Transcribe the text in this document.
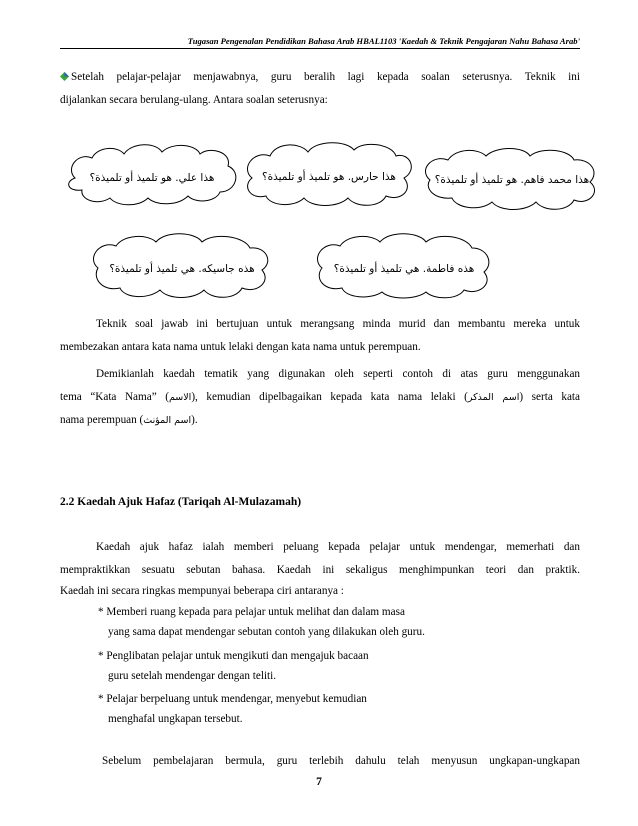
Tugasan Pengenalan Pendidikan Bahasa Arab HBAL1103 'Kaedah & Teknik Pengajaran Nahu Bahasa Arab'
Setelah pelajar-pelajar menjawabnya, guru beralih lagi kepada soalan seterusnya. Teknik ini
dijalankan secara berulang-ulang. Antara soalan seterusnya:
هذا علي. هو تلميذ أو تلميذة؟	هذا حارس. هو تلميذ أو تلميذة؟	هذا محمد فاهم. هو تلميذ أو تلميذة؟
هذه جاسيكه. هي تلميذ أو تلميذة؟	هذه فاطمة. هي تلميذ أو تلميذة؟
Teknik soal jawab ini bertujuan untuk merangsang minda murid dan membantu mereka untuk
membezakan antara kata nama untuk lelaki dengan kata nama untuk perempuan.
Demikianlah kaedah tematik yang digunakan oleh seperti contoh di atas guru menggunakan
tema “Kata Nama” (الاسم), kemudian dipelbagaikan kepada kata nama lelaki (اسم المذكر) serta kata
nama perempuan (اسم المؤنث).
2.2 Kaedah Ajuk Hafaz (Tariqah Al-Mulazamah)
Kaedah ajuk hafaz ialah memberi peluang kepada pelajar untuk mendengar, memerhati dan
mempraktikkan sesuatu sebutan bahasa. Kaedah ini sekaligus menghimpunkan teori dan praktik.
Kaedah ini secara ringkas mempunyai beberapa ciri antaranya :
* Memberi ruang kepada para pelajar untuk melihat dan dalam masa
yang sama dapat mendengar sebutan contoh yang dilakukan oleh guru.
* Penglibatan pelajar untuk mengikuti dan mengajuk bacaan
guru setelah mendengar dengan teliti.
* Pelajar berpeluang untuk mendengar, menyebut kemudian
menghafal ungkapan tersebut.
Sebelum pembelajaran bermula, guru terlebih dahulu telah menyusun ungkapan-ungkapan
7
